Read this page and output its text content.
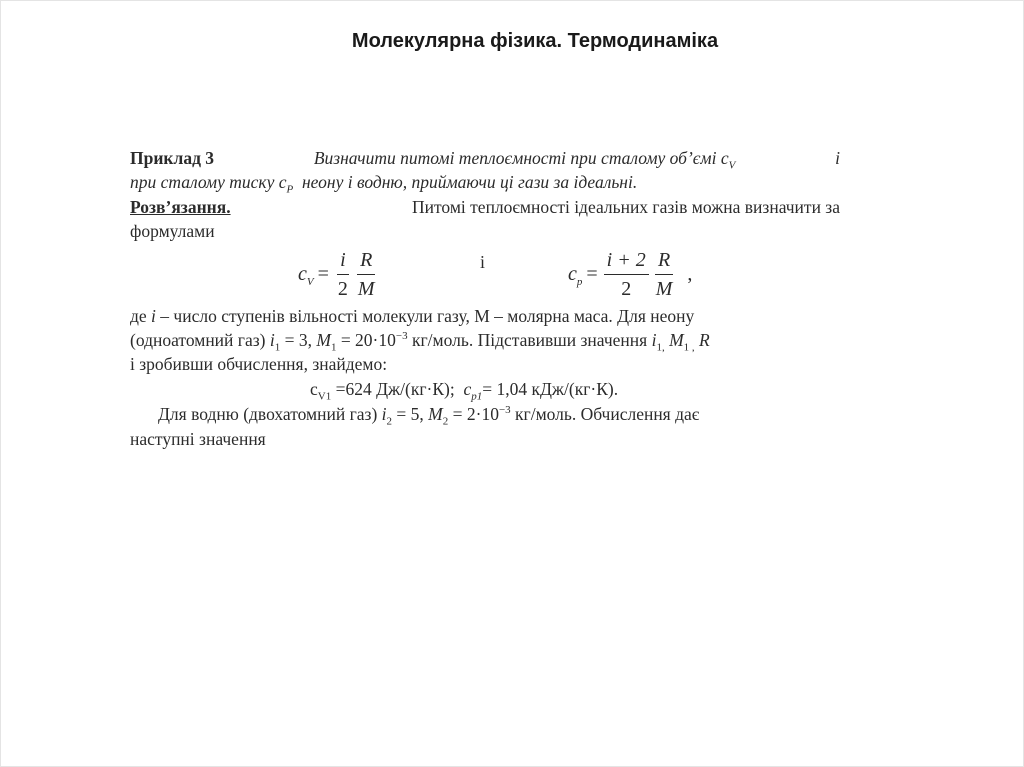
Молекулярна фізика. Термодинаміка
Приклад 3	Визначити питомі теплоємності при сталому об’ємі $c_V$	і
при сталому тиску $c_P$ неону і водню, приймаючи ці гази за ідеальні.
Розв’язання.	Питомі теплоємності ідеальних газів можна визначити за
формулами
$c_V = \frac{i}{2} \frac{R}{M}$	і
$c_p = \frac{i + 2}{2} \frac{R}{M}$ ,
де i – число ступенів вільності молекули газу, М – молярна маса. Для неону
(одноатомний газ) $i_1 = 3$, $M_1 = 20\cdot 10^{-3}$ кг/моль. Підставивши значення $i_{1,}$ $M_{1 ,}$ R
і зробивши обчислення, знайдемо:
$c_{V1} =624$ Дж/(кг·К); $c_{p1}= 1,04$ кДж/(кг·К).
Для водню (двохатомний газ) $i_2 = 5$, $M_2 = 2\cdot 10^{-3}$ кг/моль. Обчислення дає
наступні значення
